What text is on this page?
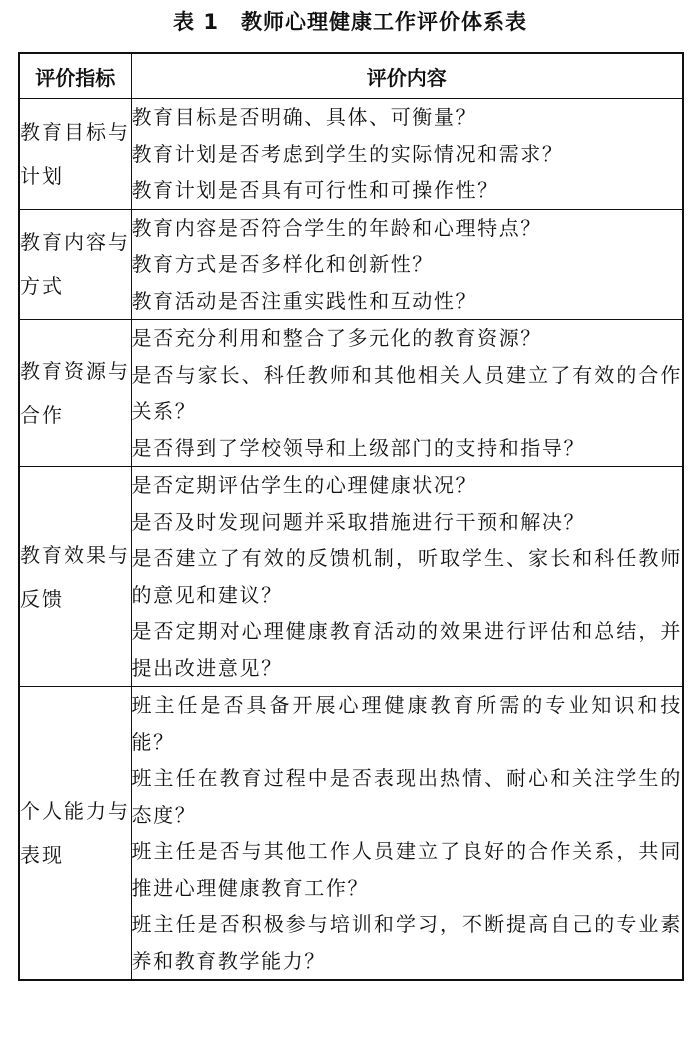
表 1 教师心理健康工作评价体系表
评价指标	评价内容
教育目标与计划	教育目标是否明确、具体、可衡量？
教育计划是否考虑到学生的实际情况和需求？
教育计划是否具有可行性和可操作性？

教育内容与方式	教育内容是否符合学生的年龄和心理特点？
教育方式是否多样化和创新性？
教育活动是否注重实践性和互动性？

教育资源与合作	是否充分利用和整合了多元化的教育资源？
是否与家长、科任教师和其他相关人员建立了有效的合作关系？
是否得到了学校领导和上级部门的支持和指导？

教育效果与反馈	是否定期评估学生的心理健康状况？
是否及时发现问题并采取措施进行干预和解决？
是否建立了有效的反馈机制，听取学生、家长和科任教师的意见和建议？
是否定期对心理健康教育活动的效果进行评估和总结，并提出改进意见？

个人能力与表现	班主任是否具备开展心理健康教育所需的专业知识和技能？
班主任在教育过程中是否表现出热情、耐心和关注学生的态度？
班主任是否与其他工作人员建立了良好的合作关系，共同推进心理健康教育工作？
班主任是否积极参与培训和学习，不断提高自己的专业素养和教育教学能力？
